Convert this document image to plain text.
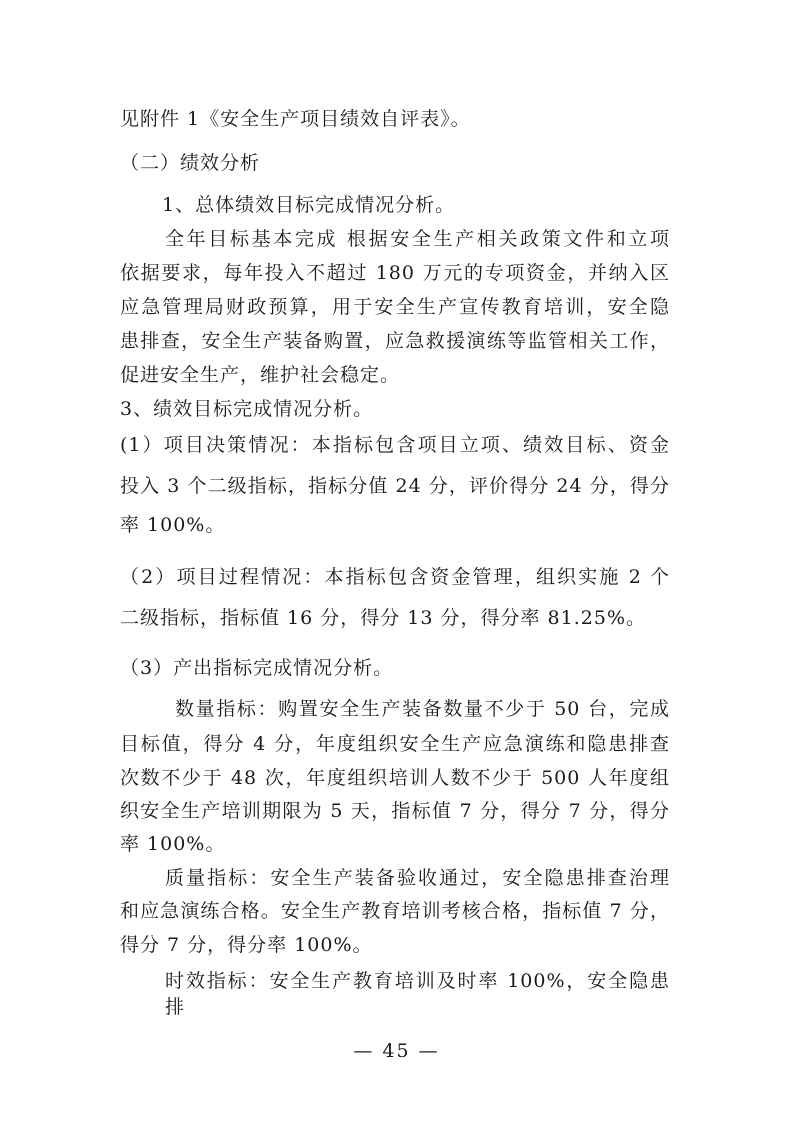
见附件 1《安全生产项目绩效自评表》。
（二）绩效分析
1、总体绩效目标完成情况分析。
全年目标基本完成 根据安全生产相关政策文件和立项
依据要求，每年投入不超过 180 万元的专项资金，并纳入区
应急管理局财政预算，用于安全生产宣传教育培训，安全隐
患排查，安全生产装备购置，应急救援演练等监管相关工作，
促进安全生产，维护社会稳定。
3、绩效目标完成情况分析。
(1）项目决策情况：本指标包含项目立项、绩效目标、资金
投入 3 个二级指标，指标分值 24 分，评价得分 24 分，得分
率 100%。
（2）项目过程情况：本指标包含资金管理，组织实施 2 个
二级指标，指标值 16 分，得分 13 分，得分率 81.25%。
（3）产出指标完成情况分析。
数量指标：购置安全生产装备数量不少于 50 台，完成
目标值，得分 4 分，年度组织安全生产应急演练和隐患排查
次数不少于 48 次，年度组织培训人数不少于 500 人年度组
织安全生产培训期限为 5 天，指标值 7 分，得分 7 分，得分
率 100%。
质量指标：安全生产装备验收通过，安全隐患排查治理
和应急演练合格。安全生产教育培训考核合格，指标值 7 分，
得分 7 分，得分率 100%。
时效指标：安全生产教育培训及时率 100%，安全隐患排
— 45 —
